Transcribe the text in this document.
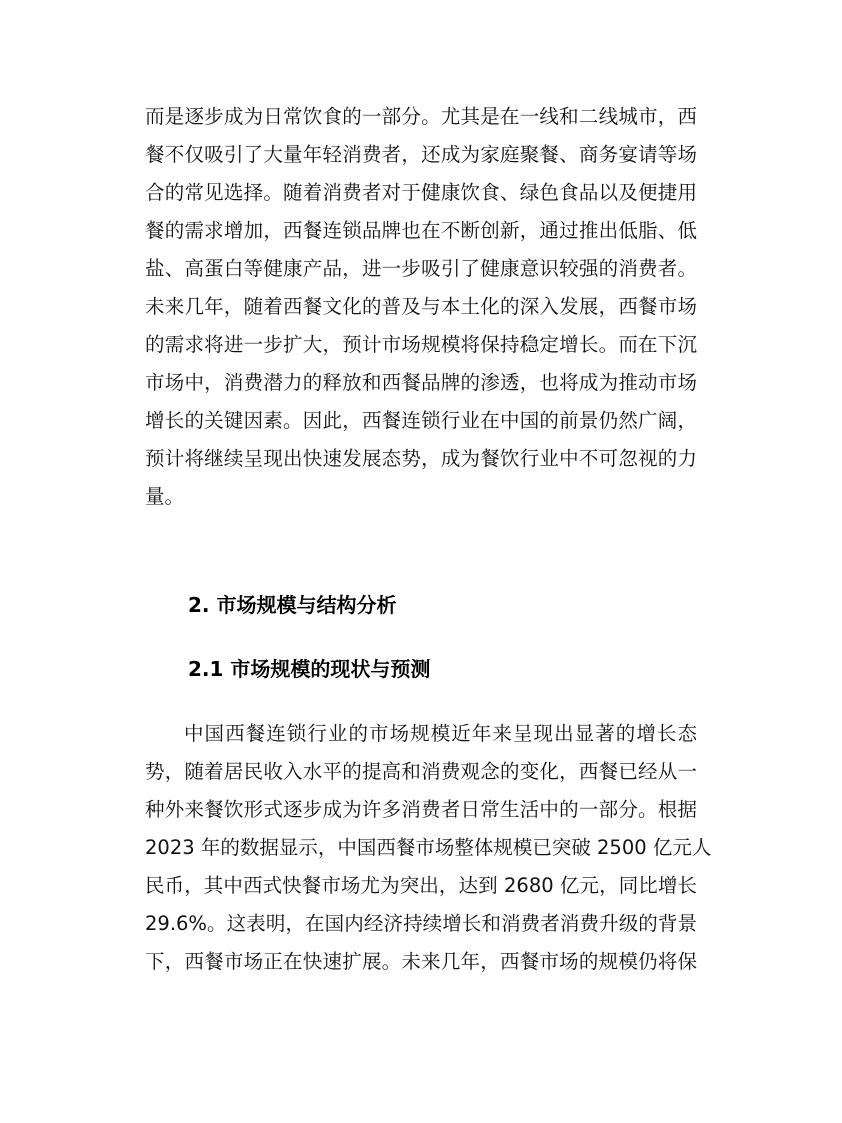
而是逐步成为日常饮食的一部分。尤其是在一线和二线城市，西
餐不仅吸引了大量年轻消费者，还成为家庭聚餐、商务宴请等场
合的常见选择。随着消费者对于健康饮食、绿色食品以及便捷用
餐的需求增加，西餐连锁品牌也在不断创新，通过推出低脂、低
盐、高蛋白等健康产品，进一步吸引了健康意识较强的消费者。
未来几年，随着西餐文化的普及与本土化的深入发展，西餐市场
的需求将进一步扩大，预计市场规模将保持稳定增长。而在下沉
市场中，消费潜力的释放和西餐品牌的渗透，也将成为推动市场
增长的关键因素。因此，西餐连锁行业在中国的前景仍然广阔，
预计将继续呈现出快速发展态势，成为餐饮行业中不可忽视的力
量。
2. 市场规模与结构分析
2.1 市场规模的现状与预测
中国西餐连锁行业的市场规模近年来呈现出显著的增长态
势，随着居民收入水平的提高和消费观念的变化，西餐已经从一
种外来餐饮形式逐步成为许多消费者日常生活中的一部分。根据
2023 年的数据显示，中国西餐市场整体规模已突破 2500 亿元人
民币，其中西式快餐市场尤为突出，达到 2680 亿元，同比增长
29.6%。这表明，在国内经济持续增长和消费者消费升级的背景
下，西餐市场正在快速扩展。未来几年，西餐市场的规模仍将保
